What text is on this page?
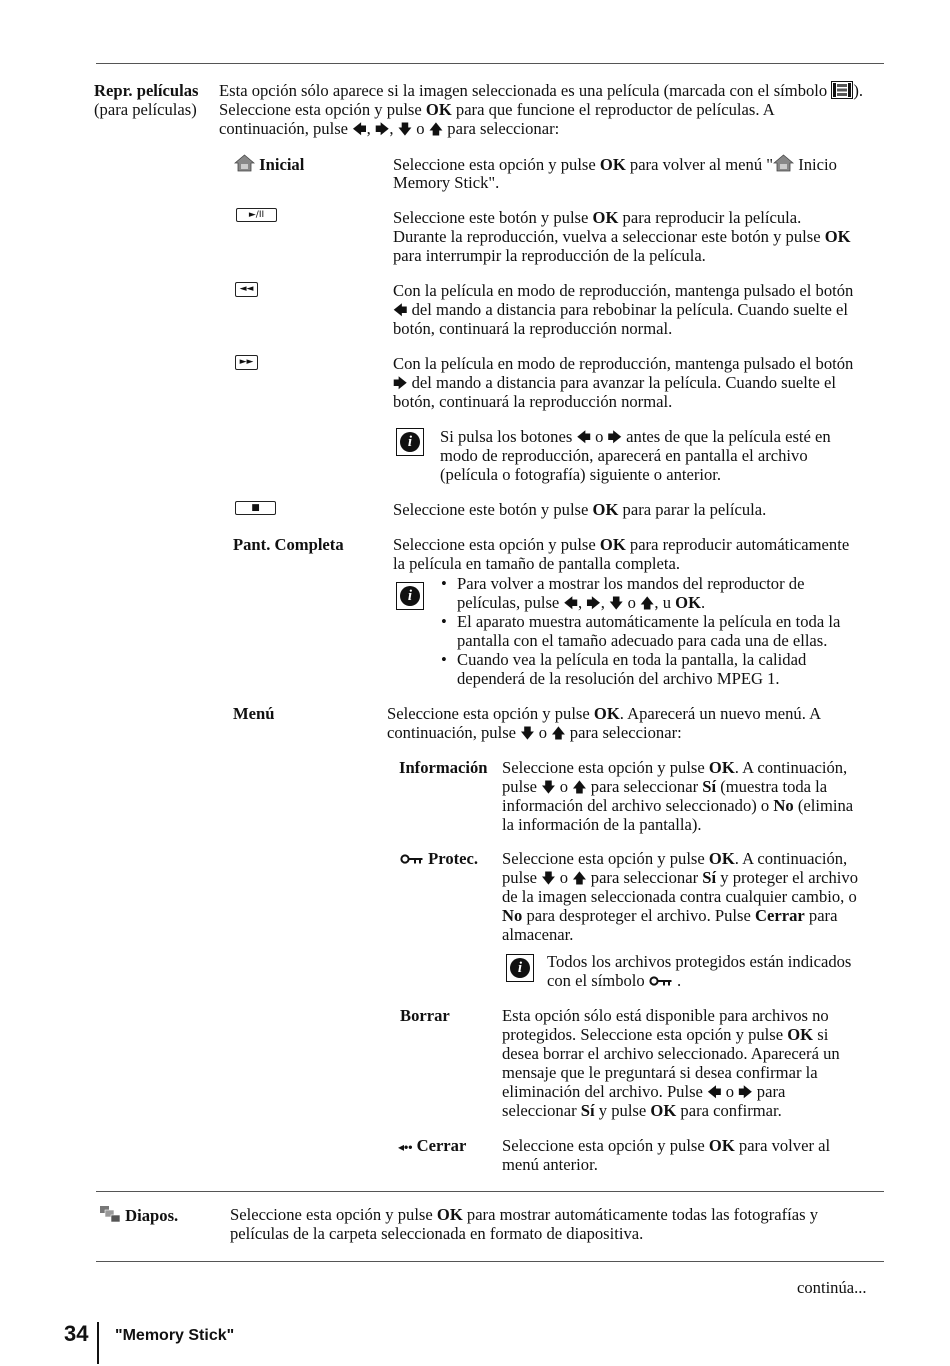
Repr. películas
(para películas)
Esta opción sólo aparece si la imagen seleccionada es una película (marcada con el símbolo ).
Seleccione esta opción y pulse OK para que funcione el reproductor de películas. A
continuación, pulse 🡄, 🡆, 🡇 o 🡅 para seleccionar:
Inicial	Seleccione esta opción y pulse OK para volver al menú " Inicio
Memory Stick".
►/II	Seleccione este botón y pulse OK para reproducir la película.
Durante la reproducción, vuelva a seleccionar este botón y pulse OK
para interrumpir la reproducción de la película.
◄◄	Con la película en modo de reproducción, mantenga pulsado el botón
🡄 del mando a distancia para rebobinar la película. Cuando suelte el
botón, continuará la reproducción normal.
►►	Con la película en modo de reproducción, mantenga pulsado el botón
🡆 del mando a distancia para avanzar la película. Cuando suelte el
botón, continuará la reproducción normal.
i	Si pulsa los botones 🡄 o 🡆 antes de que la película esté en
modo de reproducción, aparecerá en pantalla el archivo
(película o fotografía) siguiente o anterior.
■	Seleccione este botón y pulse OK para parar la película.
Pant. Completa	Seleccione esta opción y pulse OK para reproducir automáticamente
la película en tamaño de pantalla completa.
i
• Para volver a mostrar los mandos del reproductor de
películas, pulse 🡄, 🡆, 🡇 o 🡅, u OK.
• El aparato muestra automáticamente la película en toda la
pantalla con el tamaño adecuado para cada una de ellas.
• Cuando vea la película en toda la pantalla, la calidad
dependerá de la resolución del archivo MPEG 1.
Menú	Seleccione esta opción y pulse OK. Aparecerá un nuevo menú. A
continuación, pulse 🡇 o 🡅 para seleccionar:
Información Seleccione esta opción y pulse OK. A continuación,
pulse 🡇 o 🡅 para seleccionar Sí (muestra toda la
información del archivo seleccionado) o No (elimina
la información de la pantalla).
Protec. Seleccione esta opción y pulse OK. A continuación,
pulse 🡇 o 🡅 para seleccionar Sí y proteger el archivo
de la imagen seleccionada contra cualquier cambio, o
No para desproteger el archivo. Pulse Cerrar para
almacenar.
i	Todos los archivos protegidos están indicados
con el símbolo .
Borrar	Esta opción sólo está disponible para archivos no
protegidos. Seleccione esta opción y pulse OK si
desea borrar el archivo seleccionado. Aparecerá un
mensaje que le preguntará si desea confirmar la
eliminación del archivo. Pulse 🡄 o 🡆 para
seleccionar Sí y pulse OK para confirmar.
◂•• Cerrar Seleccione esta opción y pulse OK para volver al
menú anterior.
Diapos.	Seleccione esta opción y pulse OK para mostrar automáticamente todas las fotografías y
películas de la carpeta seleccionada en formato de diapositiva.
continúa...
34 "Memory Stick"
